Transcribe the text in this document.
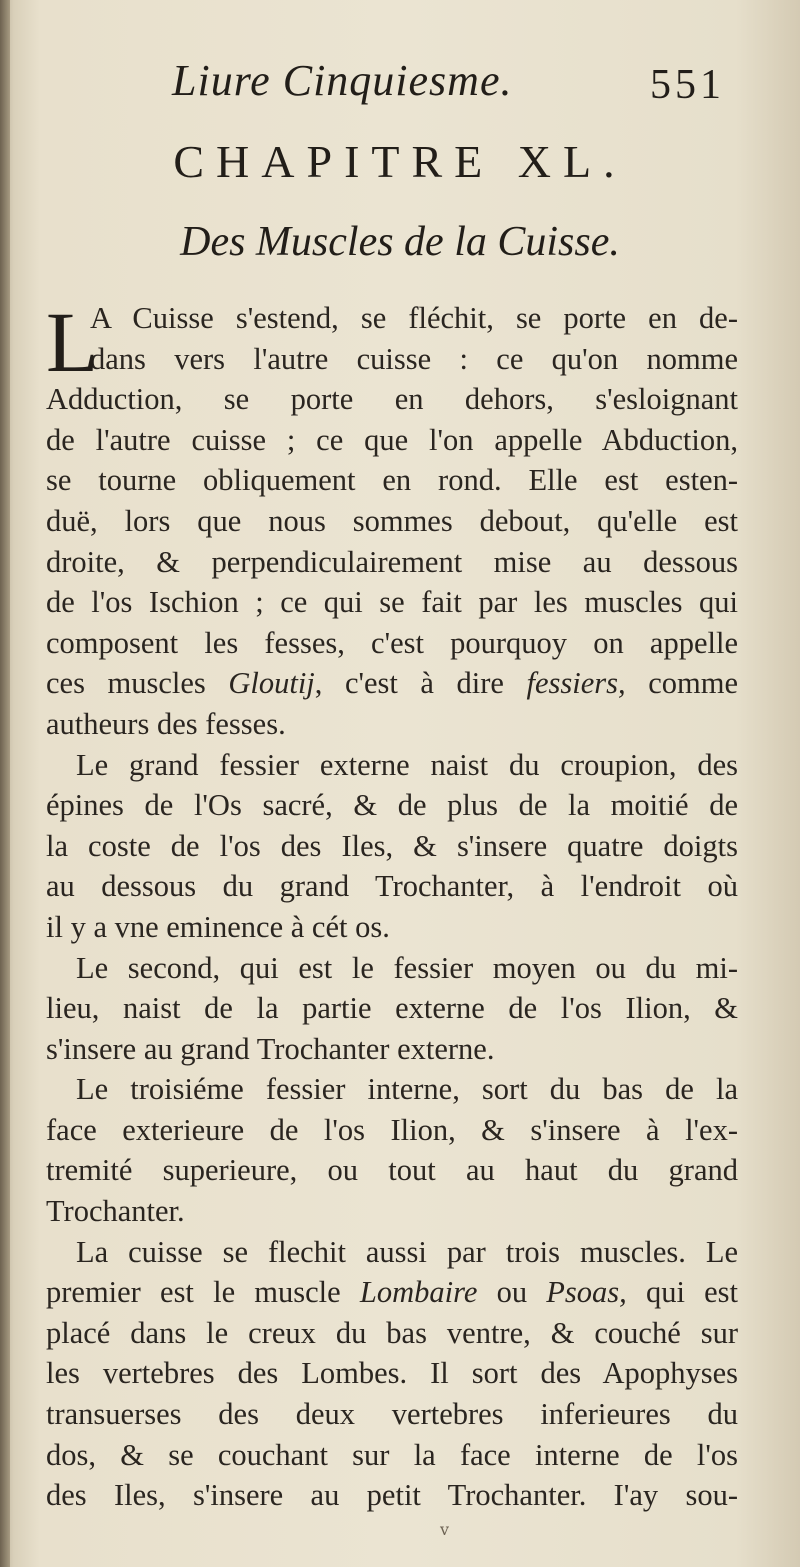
Liure Cinquiesme.	551
CHAPITRE XL.
Des Muscles de la Cuisse.
L
A Cuisse s'estend, se fléchit, se porte en de-
dans vers l'autre cuisse : ce qu'on nomme
Adduction, se porte en dehors, s'esloignant
de l'autre cuisse ; ce que l'on appelle Abduction,
se tourne obliquement en rond. Elle est esten-
duë, lors que nous sommes debout, qu'elle est
droite, & perpendiculairement mise au dessous
de l'os Ischion ; ce qui se fait par les muscles qui
composent les fesses, c'est pourquoy on appelle
ces muscles Gloutij, c'est à dire fessiers, comme
autheurs des fesses.
Le grand fessier externe naist du croupion, des
épines de l'Os sacré, & de plus de la moitié de
la coste de l'os des Iles, & s'insere quatre doigts
au dessous du grand Trochanter, à l'endroit où
il y a vne eminence à cét os.
Le second, qui est le fessier moyen ou du mi-
lieu, naist de la partie externe de l'os Ilion, &
s'insere au grand Trochanter externe.
Le troisiéme fessier interne, sort du bas de la
face exterieure de l'os Ilion, & s'insere à l'ex-
tremité superieure, ou tout au haut du grand
Trochanter.
La cuisse se flechit aussi par trois muscles. Le
premier est le muscle Lombaire ou Psoas, qui est
placé dans le creux du bas ventre, & couché sur
les vertebres des Lombes. Il sort des Apophyses
transuerses des deux vertebres inferieures du
dos, & se couchant sur la face interne de l'os
des Iles, s'insere au petit Trochanter. I'ay sou-
v
